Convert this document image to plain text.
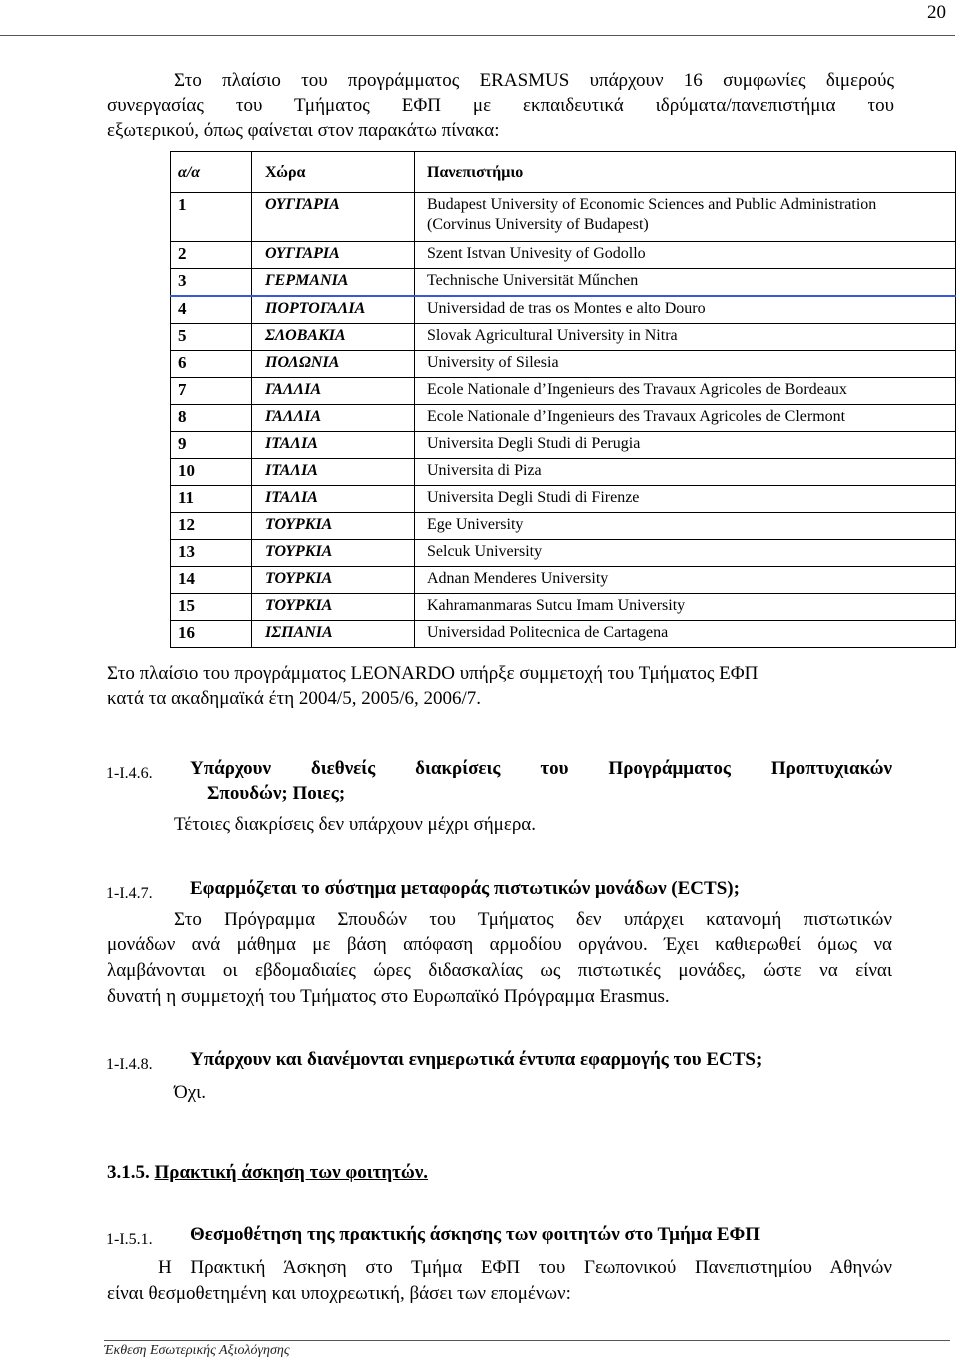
20
Στο πλαίσιο του προγράμματος ERASMUS υπάρχουν 16 συμφωνίες διμερούς
συνεργασίας του Τμήματος ΕΦΠ με εκπαιδευτικά ιδρύματα/πανεπιστήμια του
εξωτερικού, όπως φαίνεται στον παρακάτω πίνακα:
α/α	Χώρα	Πανεπιστήμιο
1	ΟΥΓΓΑΡΙΑ	Budapest University of Economic Sciences and Public Administration
(Corvinus University of Budapest)

2	ΟΥΓΓΑΡΙΑ	Szent Istvan Univesity of Godollo

3	ΓΕΡΜΑΝΙΑ	Technische Universität Műnchen

4	ΠΟΡΤΟΓΑΛΙΑ	Universidad de tras os Montes e alto Douro

5	ΣΛΟΒΑΚΙΑ	Slovak Agricultural University in Nitra

6	ΠΟΛΩΝΙΑ	University of Silesia

7	ΓΑΛΛΙΑ	Ecole Nationale d’Ingenieurs des Travaux Agricoles de Bordeaux

8	ΓΑΛΛΙΑ	Ecole Nationale d’Ingenieurs des Travaux Agricoles de Clermont

9	ΙΤΑΛΙΑ	Universita Degli Studi di Perugia

10	ΙΤΑΛΙΑ	Universita di Piza

11	ΙΤΑΛΙΑ	Universita Degli Studi di Firenze

12	ΤΟΥΡΚΙΑ	Ege University

13	ΤΟΥΡΚΙΑ	Selcuk University

14	ΤΟΥΡΚΙΑ	Adnan Menderes University

15	ΤΟΥΡΚΙΑ	Kahramanmaras Sutcu Imam University

16	ΙΣΠΑΝΙΑ	Universidad Politecnica de Cartagena
Στο πλαίσιο του προγράμματος LEONARDO υπήρξε συμμετοχή του Τμήματος ΕΦΠ
κατά τα ακαδημαϊκά έτη 2004/5, 2005/6, 2006/7.
1-Ι.4.6. Υπάρχουν διεθνείς διακρίσεις του Προγράμματος Προπτυχιακών
Σπουδών; Ποιες;
Τέτοιες διακρίσεις δεν υπάρχουν μέχρι σήμερα.
1-Ι.4.7. Εφαρμόζεται το σύστημα μεταφοράς πιστωτικών μονάδων (ECTS);
Στο Πρόγραμμα Σπουδών του Τμήματος δεν υπάρχει κατανομή πιστωτικών
μονάδων ανά μάθημα με βάση απόφαση αρμοδίου οργάνου. Έχει καθιερωθεί όμως να
λαμβάνονται οι εβδομαδιαίες ώρες διδασκαλίας ως πιστωτικές μονάδες, ώστε να είναι
δυνατή η συμμετοχή του Τμήματος στο Ευρωπαϊκό Πρόγραμμα Erasmus.
1-Ι.4.8. Υπάρχουν και διανέμονται ενημερωτικά έντυπα εφαρμογής του ECTS;
Όχι.
3.1.5. Πρακτική άσκηση των φοιτητών.
1-Ι.5.1. Θεσμοθέτηση της πρακτικής άσκησης των φοιτητών στο Τμήμα ΕΦΠ
Η Πρακτική Άσκηση στο Τμήμα ΕΦΠ του Γεωπονικού Πανεπιστημίου Αθηνών
είναι θεσμοθετημένη και υποχρεωτική, βάσει των επομένων:
Έκθεση Εσωτερικής Αξιολόγησης
